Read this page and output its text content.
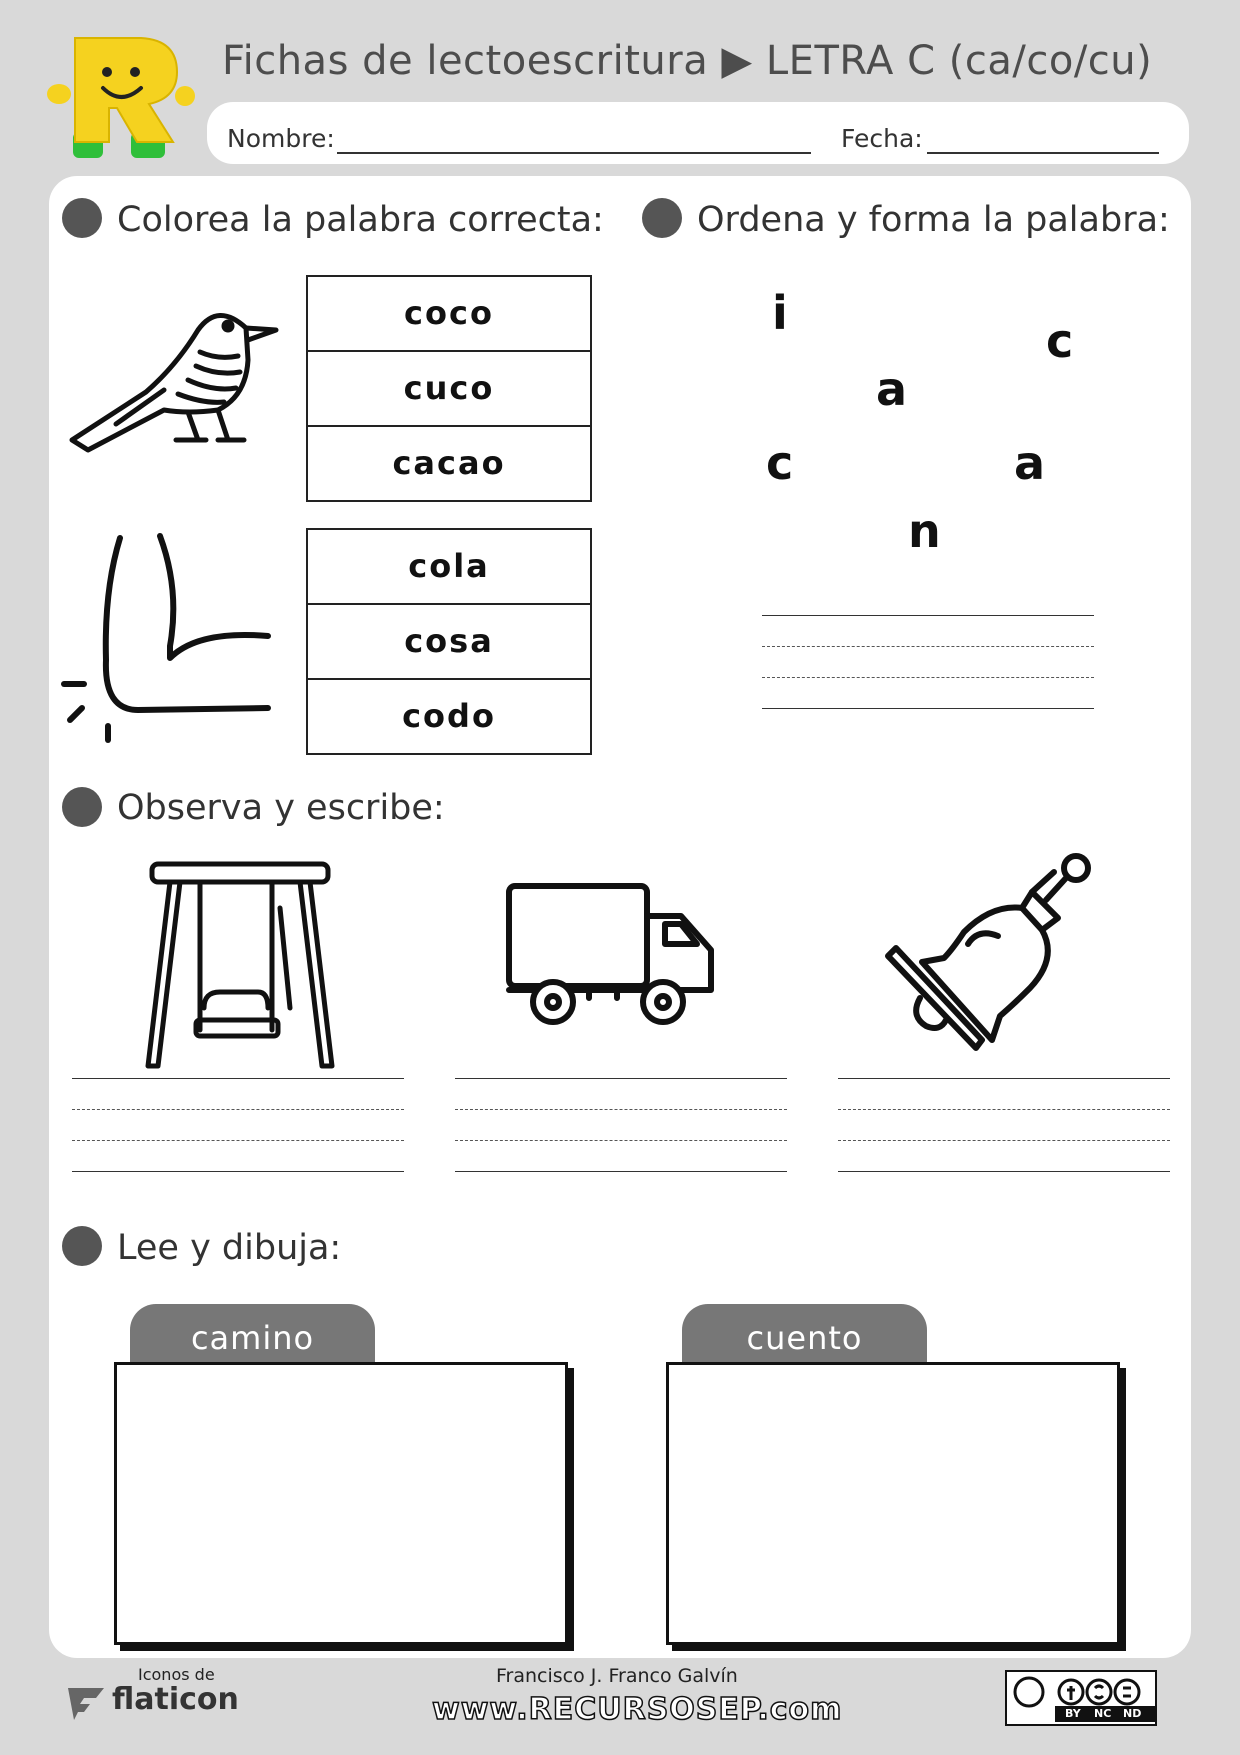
Fichas de lectoescritura ▶ LETRA C (ca/co/cu)
Nombre:	Fecha:
Colorea la palabra correcta:
coco
cuco
cacao
cola
cosa
codo
Ordena y forma la palabra:
i
c
a
c	a
n
Observa y escribe:
Lee y dibuja:
camino	cuento
Iconos de
flaticon
Francisco J. Franco Galvín
www.RECURSOSEP.com	BY NC ND
